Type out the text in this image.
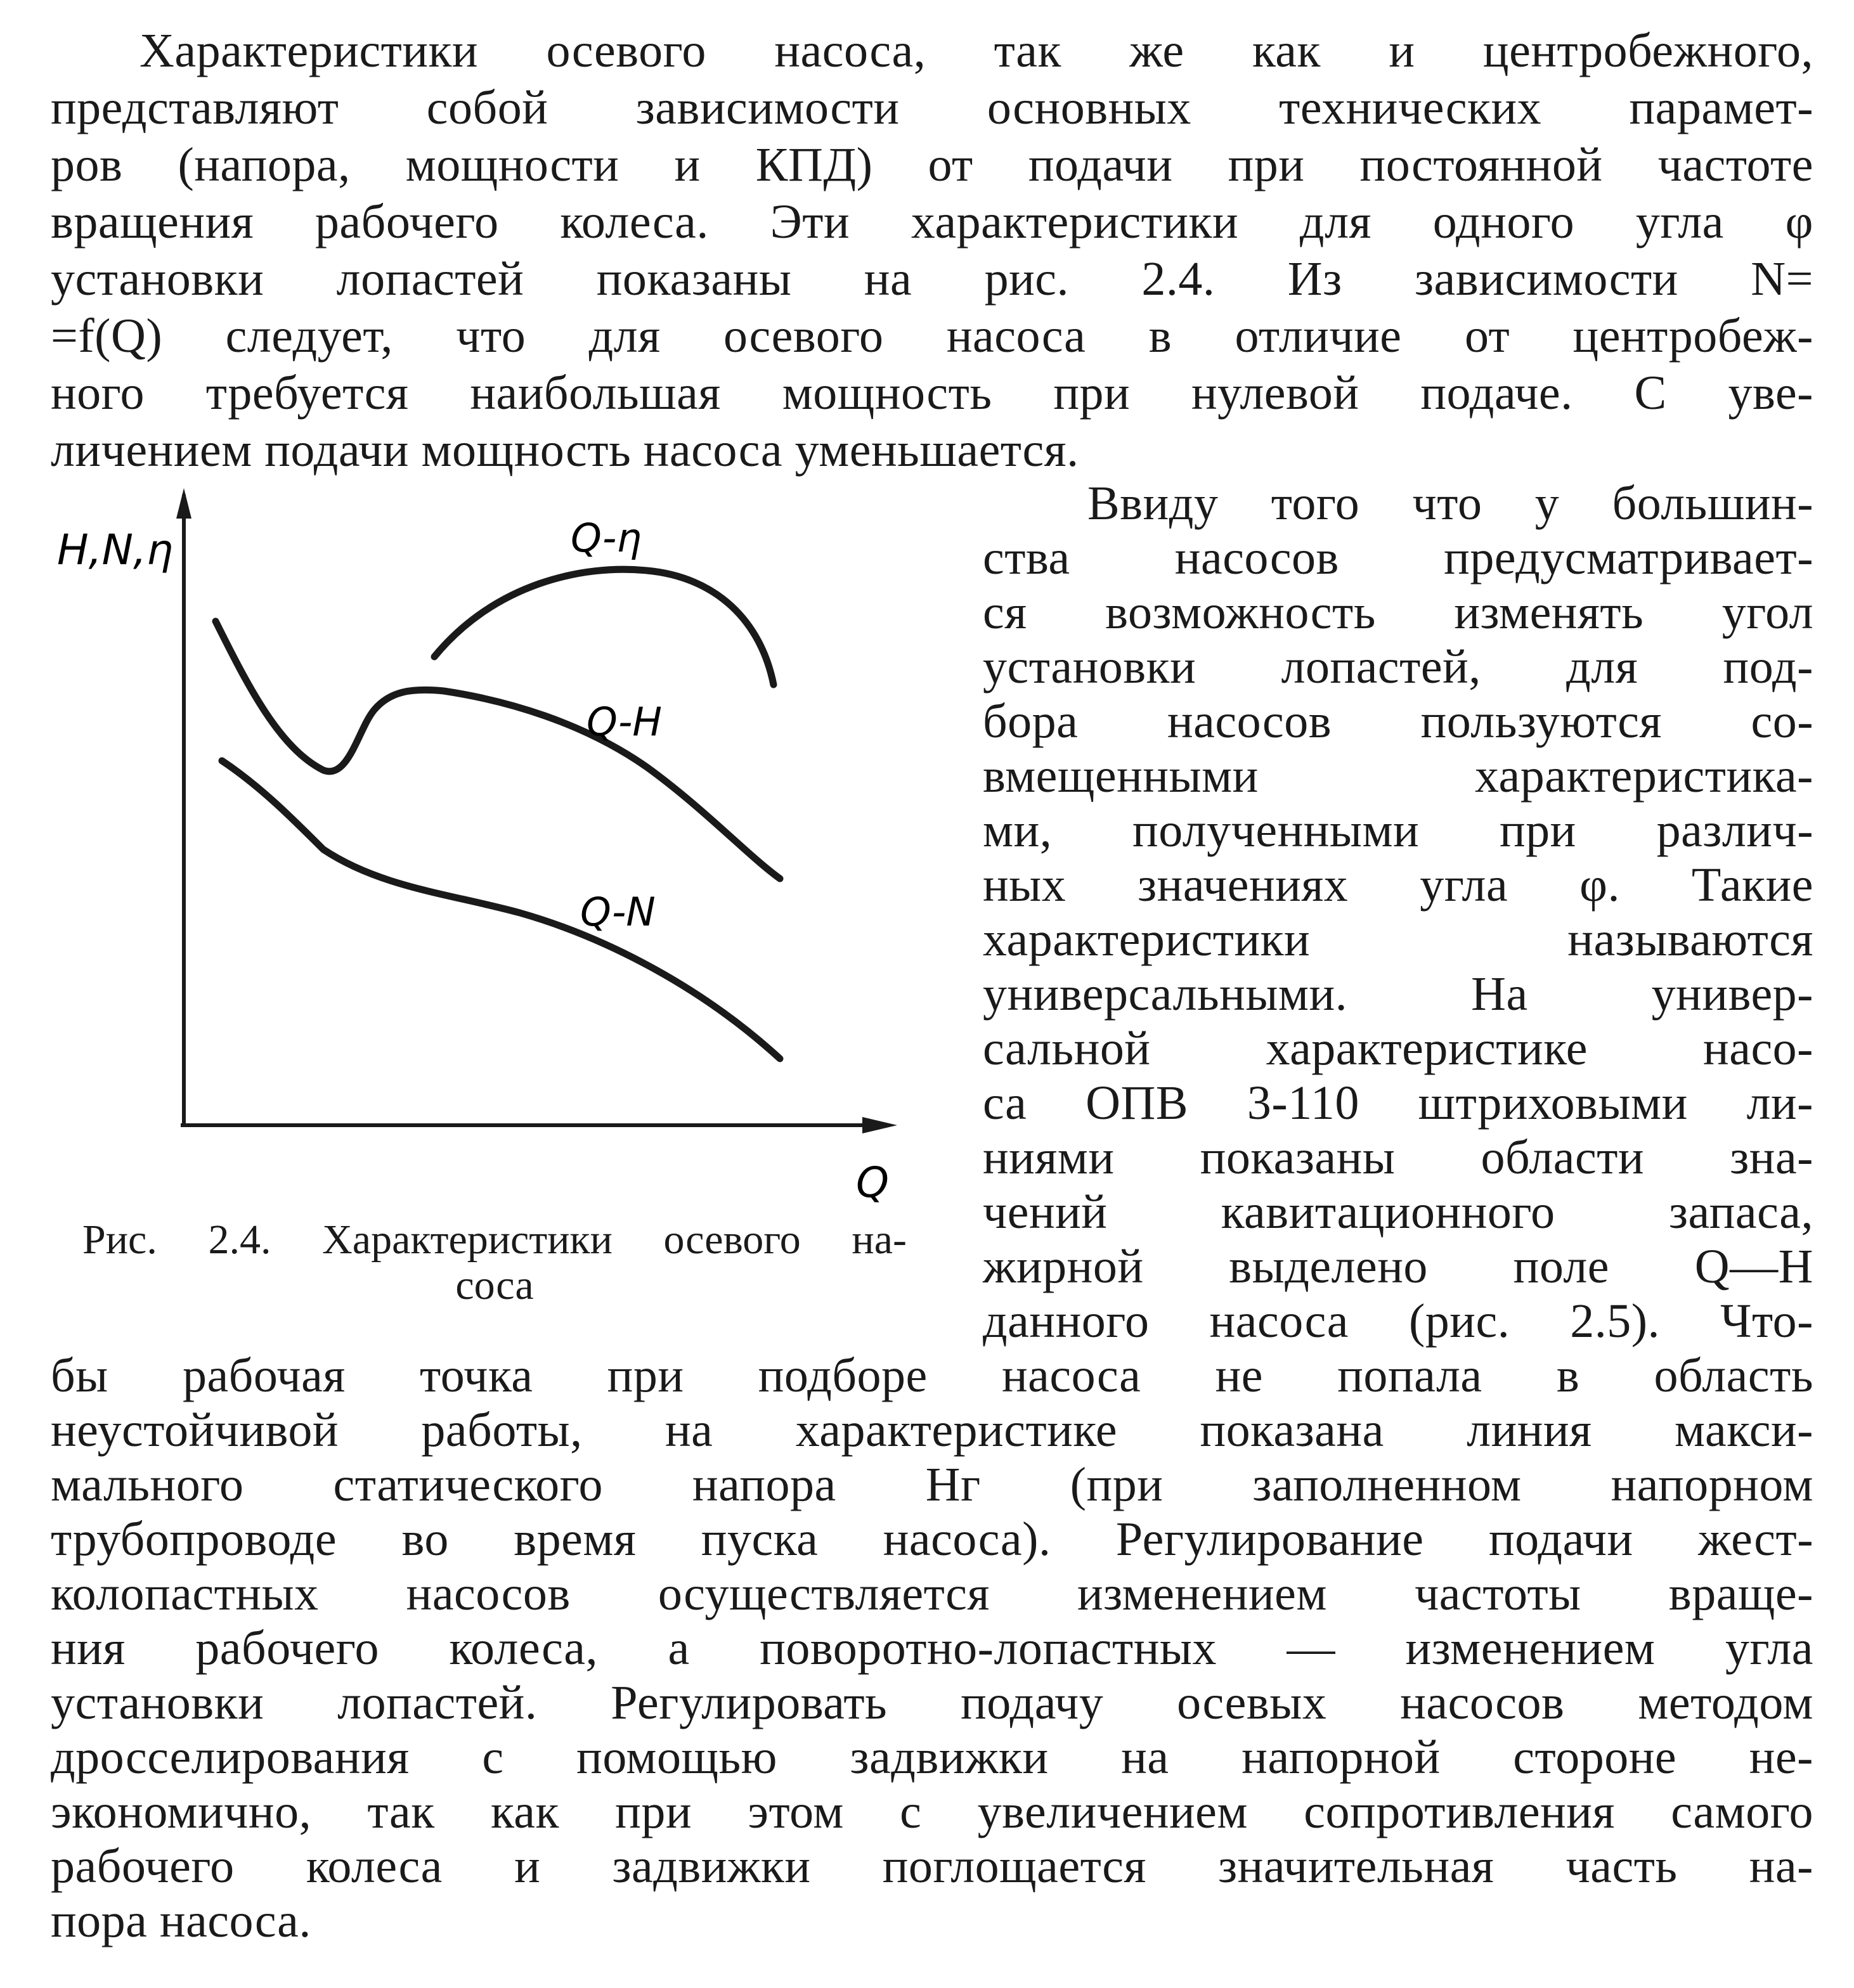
Характеристики осевого насоса, так же как и центробежного,
представляют собой зависимости основных технических парамет-
ров (напора, мощности и КПД) от подачи при постоянной частоте
вращения рабочего колеса. Эти характеристики для одного угла φ
установки лопастей показаны на рис. 2.4. Из зависимости N=
=f(Q) следует, что для осевого насоса в отличие от центробеж-
ного требуется наибольшая мощность при нулевой подаче. С уве-
личением подачи мощность насоса уменьшается.
Ввиду того что у большин-
ства насосов предусматривает-
ся возможность изменять угол
установки лопастей, для под-
бора насосов пользуются со-
вмещенными характеристика-
ми, полученными при различ-
ных значениях угла φ. Такие
характеристики называются
универсальными. На универ-
сальной характеристике насо-
са ОПВ 3-110 штриховыми ли-
ниями показаны области зна-
чений кавитационного запаса,
жирной выделено поле Q—H
данного насоса (рис. 2.5). Что-
бы рабочая точка при подборе насоса не попала в область
неустойчивой работы, на характеристике показана линия макси-
мального статического напора Hг (при заполненном напорном
трубопроводе во время пуска насоса). Регулирование подачи жест-
колопастных насосов осуществляется изменением частоты враще-
ния рабочего колеса, а поворотно-лопастных — изменением угла
установки лопастей. Регулировать подачу осевых насосов методом
дросселирования с помощью задвижки на напорной стороне не-
экономично, так как при этом с увеличением сопротивления самого
рабочего колеса и задвижки поглощается значительная часть на-
пора насоса.
H,N,η
Q
Q-η
Q-H
Q-N
Рис. 2.4. Характеристики осевого на-
соса
